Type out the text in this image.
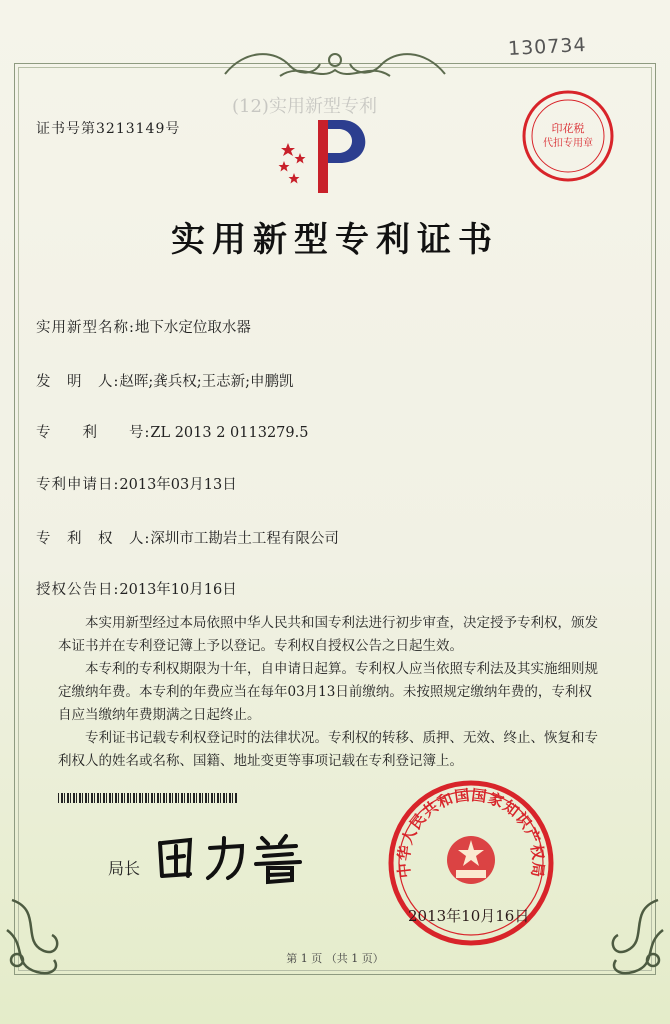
130734
(12)实用新型专利
印花税
代扣专用章
证书号第3213149号
实用新型专利证书
实用新型名称:地下水定位取水器
发　明　人:赵晖;龚兵权;王志新;申鹏凯
专　　利　　号:ZL 2013 2 0113279.5
专利申请日:2013年03月13日
专　利　权　人:深圳市工勘岩土工程有限公司
授权公告日:2013年10月16日

本实用新型经过本局依照中华人民共和国专利法进行初步审查，决定授予专利权，颁发本证书并在专利登记簿上予以登记。专利权自授权公告之日起生效。

本专利的专利权期限为十年，自申请日起算。专利权人应当依照专利法及其实施细则规定缴纳年费。本专利的年费应当在每年03月13日前缴纳。未按照规定缴纳年费的，专利权自应当缴纳年费期满之日起终止。

专利证书记载专利权登记时的法律状况。专利权的转移、质押、无效、终止、恢复和专利权人的姓名或名称、国籍、地址变更等事项记载在专利登记簿上。

局长	中华人民共和国国家知识产权局
2013年10月16日
第 1 页 （共 1 页）
